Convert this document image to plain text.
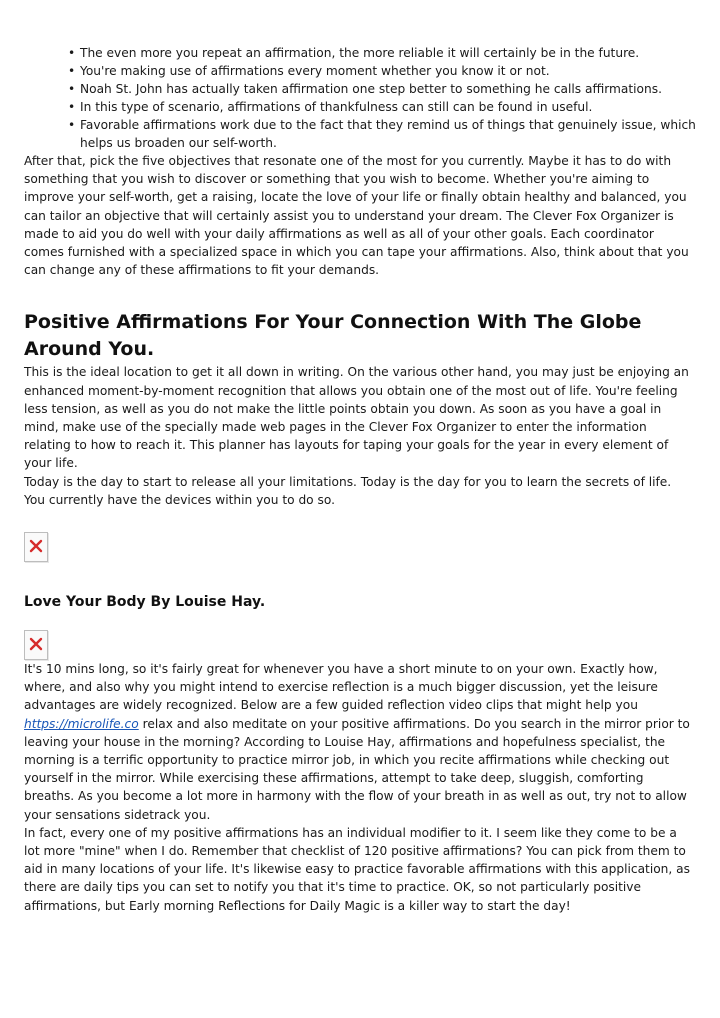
• The even more you repeat an affirmation, the more reliable it will certainly be in the future.
• You're making use of affirmations every moment whether you know it or not.
• Noah St. John has actually taken affirmation one step better to something he calls affirmations.
• In this type of scenario, affirmations of thankfulness can still can be found in useful.
• Favorable affirmations work due to the fact that they remind us of things that genuinely issue, which helps us broaden our self-worth.

After that, pick the five objectives that resonate one of the most for you currently. Maybe it has to do with something that you wish to discover or something that you wish to become. Whether you're aiming to improve your self-worth, get a raising, locate the love of your life or finally obtain healthy and balanced, you can tailor an objective that will certainly assist you to understand your dream. The Clever Fox Organizer is made to aid you do well with your daily affirmations as well as all of your other goals. Each coordinator comes furnished with a specialized space in which you can tape your affirmations. Also, think about that you can change any of these affirmations to fit your demands.

Positive Affirmations For Your Connection With The Globe Around You.

This is the ideal location to get it all down in writing. On the various other hand, you may just be enjoying an enhanced moment-by-moment recognition that allows you obtain one of the most out of life. You're feeling less tension, as well as you do not make the little points obtain you down. As soon as you have a goal in mind, make use of the specially made web pages in the Clever Fox Organizer to enter the information relating to how to reach it. This planner has layouts for taping your goals for the year in every element of your life.

Today is the day to start to release all your limitations. Today is the day for you to learn the secrets of life. You currently have the devices within you to do so.

Love Your Body By Louise Hay.

It's 10 mins long, so it's fairly great for whenever you have a short minute to on your own. Exactly how, where, and also why you might intend to exercise reflection is a much bigger discussion, yet the leisure advantages are widely recognized. Below are a few guided reflection video clips that might help you https://microlife.co relax and also meditate on your positive affirmations. Do you search in the mirror prior to leaving your house in the morning? According to Louise Hay, affirmations and hopefulness specialist, the morning is a terrific opportunity to practice mirror job, in which you recite affirmations while checking out yourself in the mirror. While exercising these affirmations, attempt to take deep, sluggish, comforting breaths. As you become a lot more in harmony with the flow of your breath in as well as out, try not to allow your sensations sidetrack you.

In fact, every one of my positive affirmations has an individual modifier to it. I seem like they come to be a lot more "mine" when I do. Remember that checklist of 120 positive affirmations? You can pick from them to aid in many locations of your life. It's likewise easy to practice favorable affirmations with this application, as there are daily tips you can set to notify you that it's time to practice. OK, so not particularly positive affirmations, but Early morning Reflections for Daily Magic is a killer way to start the day!
